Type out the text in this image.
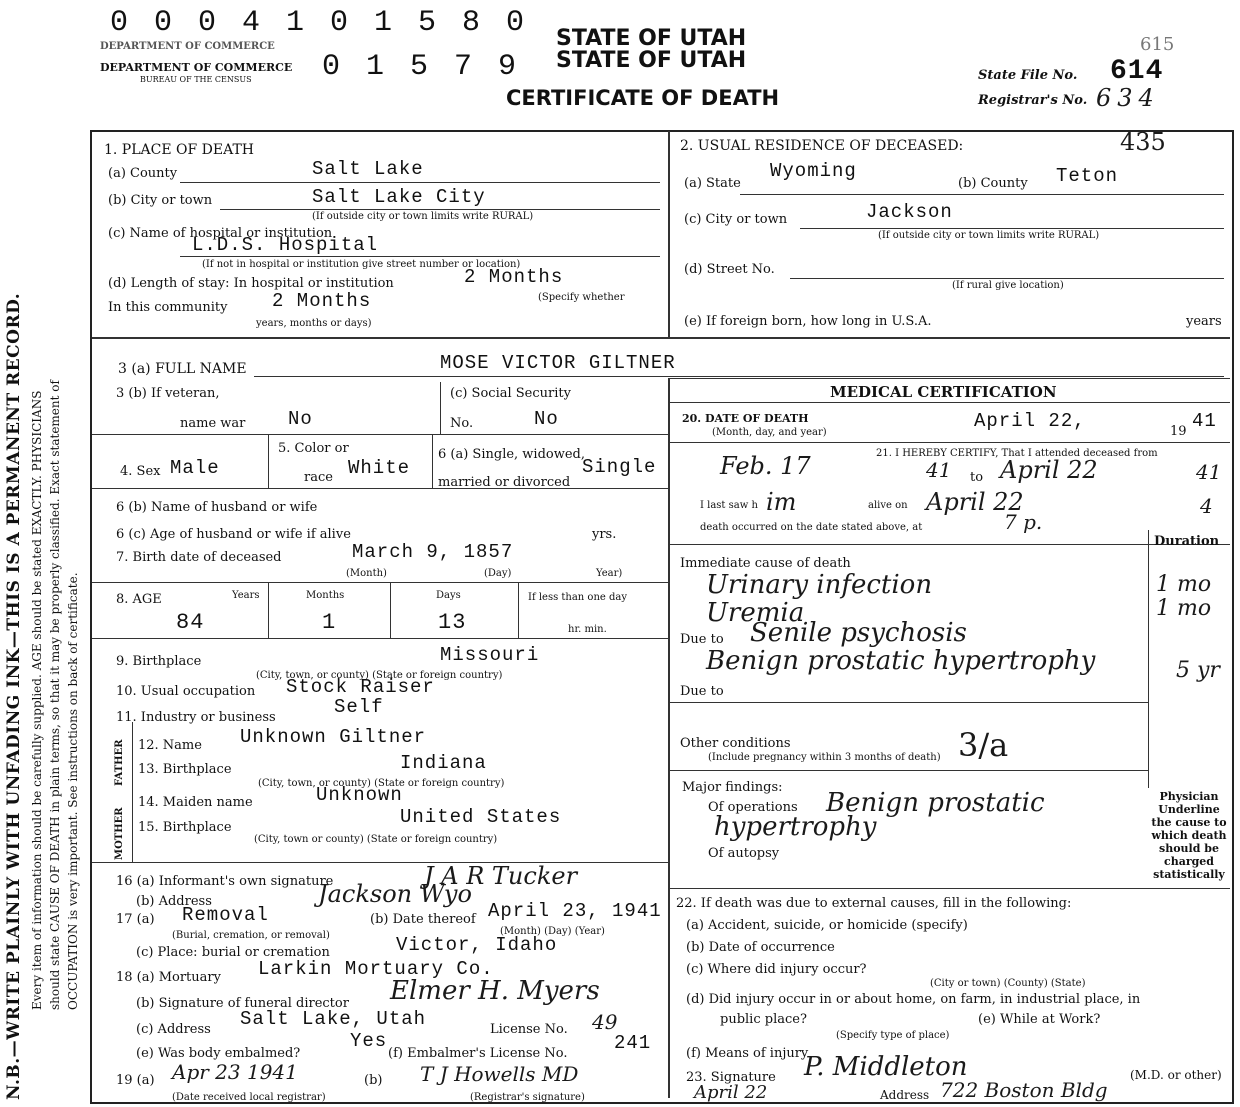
0 0 0 4 1 0 1 5 8 0
0 1 5 7 9
DEPARTMENT OF COMMERCE
DEPARTMENT OF COMMERCE
BUREAU OF THE CENSUS
STATE OF UTAH
STATE OF UTAH
CERTIFICATE OF DEATH
615
State File No. 614
Registrar's No. 634
N.B.—WRITE PLAINLY WITH UNFADING INK—THIS IS A PERMANENT RECORD. Every item of information should be carefully supplied. AGE should be stated EXACTLY. PHYSICIANS should state CAUSE OF DEATH in plain terms, so that it may be properly classified. Exact statement of OCCUPATION is very important. See instructions on back of certificate.
1. PLACE OF DEATH
(a) County	Salt Lake
(b) City or town	Salt Lake City
(If outside city or town limits write RURAL)
(c) Name of hospital or institution
L.D.S. Hospital
(If not in hospital or institution give street number or location)
(d) Length of stay: In hospital or institution	2 Months
In this community 2 Months	(Specify whether
years, months or days)
2. USUAL RESIDENCE OF DECEASED:	435
(a) State
Wyoming
(b) County Teton
(c) City or town	Jackson
(If outside city or town limits write RURAL)
(d) Street No.
(If rural give location)
(e) If foreign born, how long in U.S.A.	years
3 (a) FULL NAME	MOSE VICTOR GILTNER
3 (b) If veteran,
name war No
(c) Social Security
No.	No
4. Sex Male
5. Color or
race White
6 (a) Single, widowed, married or divorced
Single
6 (b) Name of husband or wife
6 (c) Age of husband or wife if alive	yrs.
7. Birth date of deceased	March 9, 1857
(Month)	(Day)	Year)
8. AGE	Years
84
Months
1
Days
13
If less than one day
hr. min.
9. Birthplace	Missouri
(City, town, or county) (State or foreign country)
10. Usual occupation Stock Raiser
11. Industry or business	Self
MOTHER
FATHER 12. Name Unknown Giltner
13. Birthplace	Indiana
(City, town, or county) (State or foreign country)
14. Maiden name	Unknown
15. Birthplace	United States
(City, town or county) (State or foreign country)
16 (a) Informant's own signature	J A R Tucker
(b) Address	Jackson Wyo
17 (a) Removal
(Burial, cremation, or removal)
(b) Date thereof April 23, 1941
(Month) (Day) (Year)
(c) Place: burial or cremation	Victor, Idaho
18 (a) Mortuary Larkin Mortuary Co.
(b) Signature of funeral director Elmer H. Myers
(c) Address Salt Lake, Utah	License No. 49
(e) Was body embalmed?
Yes
(f) Embalmer's License No. 241
19 (a) Apr 23 1941
(Date received local registrar)
(b) T J Howells MD
(Registrar's signature)
MEDICAL CERTIFICATION
20. DATE OF DEATH
(Month, day, and year)
April 22,	19 41
21. I HEREBY CERTIFY, That I attended deceased from
Feb. 17	41 to April 22	41
I last saw h im	alive on April 22	4
death occurred on the date stated above, at	7 p.
Duration
Immediate cause of death
Urinary infection	1 mo
Uremia	1 mo
Due to Senile psychosis
Benign prostatic hypertrophy	5 yr
Due to
Other conditions
(Include pregnancy within 3 months of death) 3/a
Major findings:
Of operations Benign prostatic
hypertrophy
Of autopsy
Physician Underline the cause to which death should be charged statistically
22. If death was due to external causes, fill in the following:
(a) Accident, suicide, or homicide (specify)
(b) Date of occurrence
(c) Where did injury occur?
(City or town) (County) (State)
(d) Did injury occur in or about home, on farm, in industrial place, in
public place?
(Specify type of place)
(e) While at Work?
(f) Means of injury
23. Signature P. Middleton	(M.D. or other)
April 22	Address 722 Boston Bldg
